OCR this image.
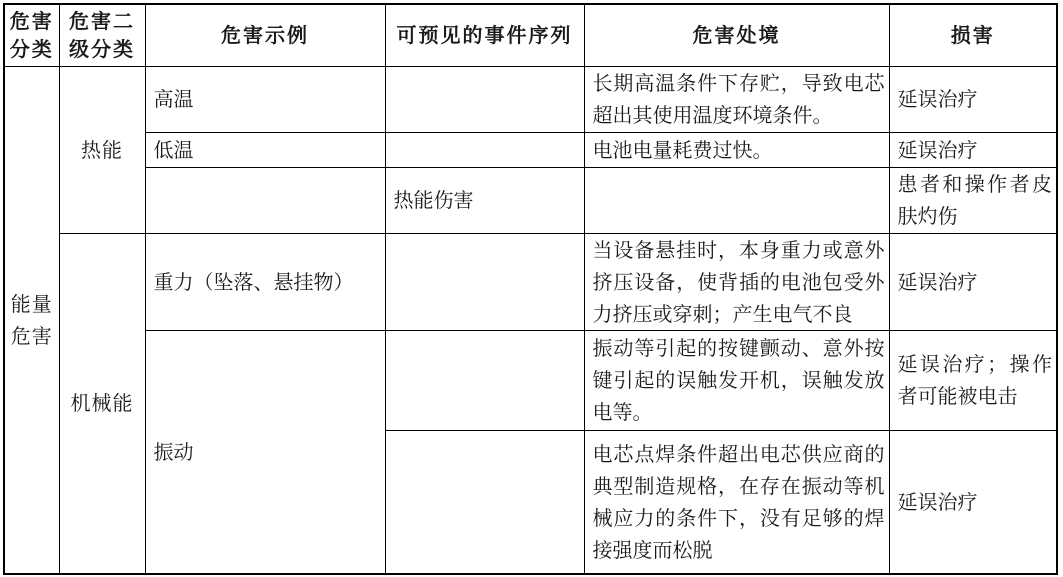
危害分类	危害二级分类	危害示例	可预见的事件序列	危害处境	损害
能量危害	热能	高温		长期高温条件下存贮，导致电芯超出其使用温度环境条件。	延误治疗
		低温		电池电量耗费过快。	延误治疗
			热能伤害		患者和操作者皮肤灼伤
	机械能	重力（坠落、悬挂物）		当设备悬挂时，本身重力或意外挤压设备，使背插的电池包受外力挤压或穿刺；产生电气不良	延误治疗
		振动		振动等引起的按键颤动、意外按键引起的误触发开机，误触发放电等。	延误治疗；操作者可能被电击
				电芯点焊条件超出电芯供应商的典型制造规格，在存在振动等机械应力的条件下，没有足够的焊接强度而松脱	延误治疗
